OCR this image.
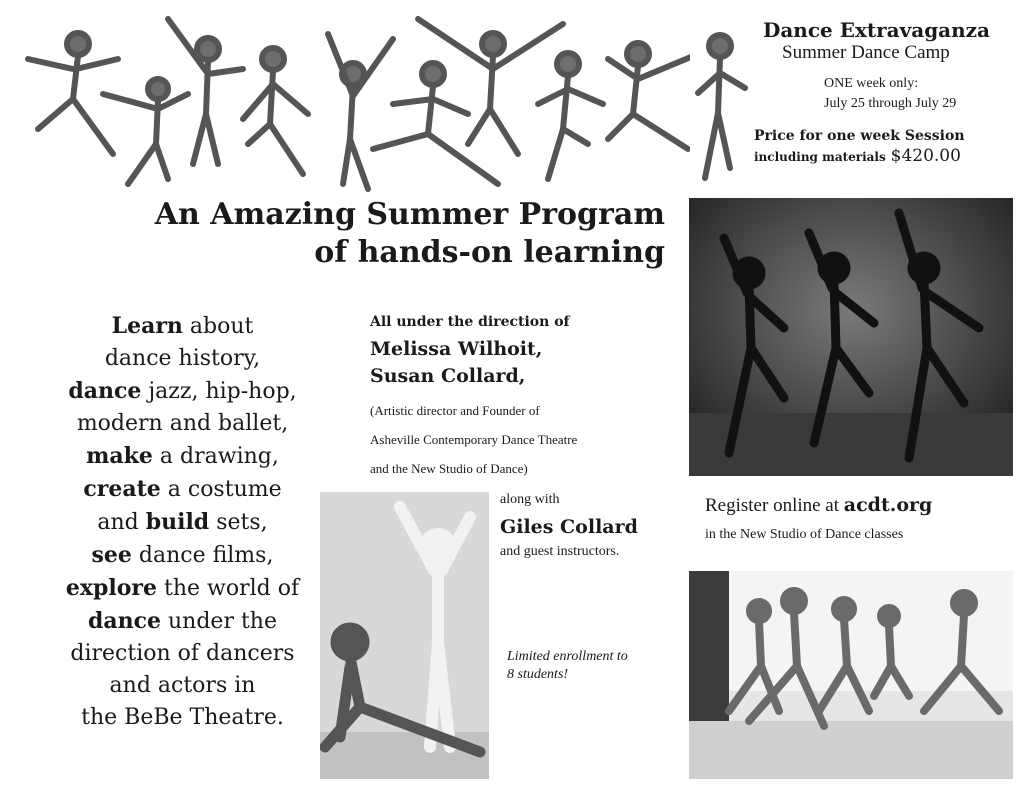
Dance Extravaganza
Summer Dance Camp
ONE week only:
July 25 through July 29
Price for one week Session
including materials $420.00
An Amazing Summer Program
of hands-on learning
Learn about
dance history,
dance jazz, hip-hop,
modern and ballet,
make a drawing,
create a costume
and build sets,
see dance films,
explore the world of
dance under the
direction of dancers
and actors in
the BeBe Theatre.
All under the direction of
Melissa Wilhoit,
Susan Collard,
(Artistic director and Founder of
Asheville Contemporary Dance Theatre
and the New Studio of Dance)
along with
Giles Collard
and guest instructors.
Limited enrollment to
8 students!
Register online at acdt.org
in the New Studio of Dance classes
